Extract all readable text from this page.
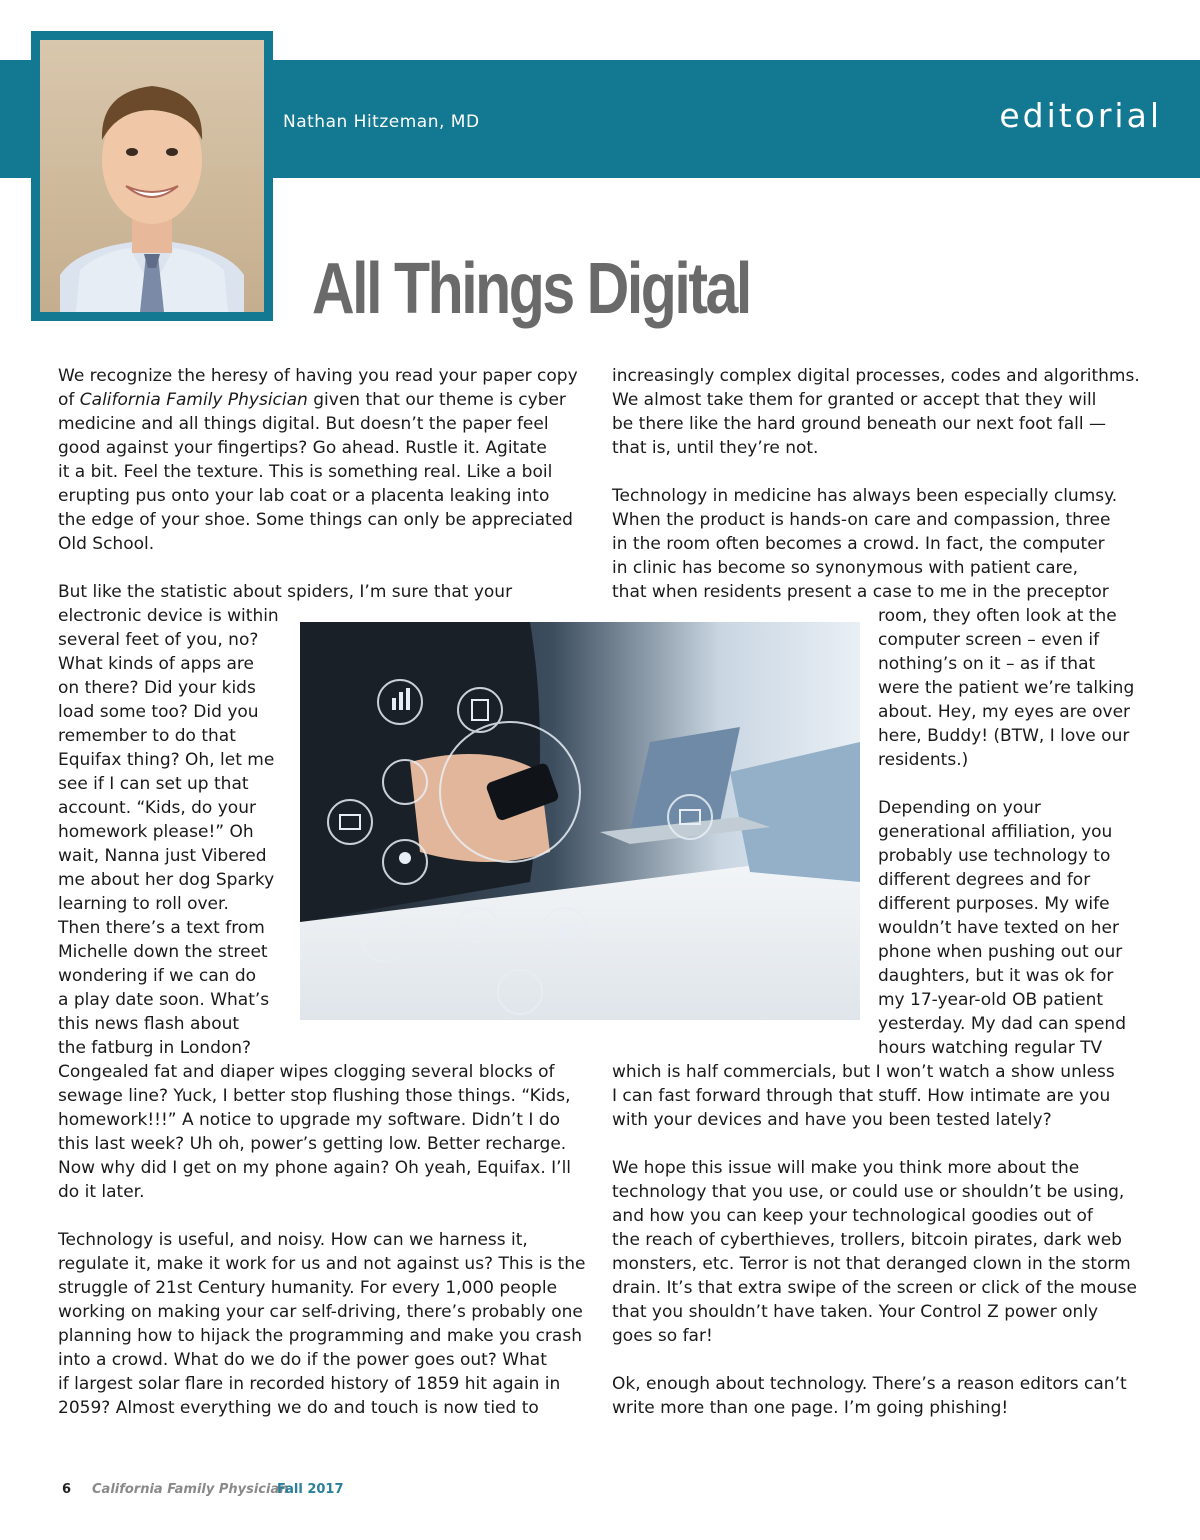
Nathan Hitzeman, MD	editorial
All Things Digital
We recognize the heresy of having you read your paper copy
of California Family Physician given that our theme is cyber
medicine and all things digital. But doesn’t the paper feel
good against your fingertips? Go ahead. Rustle it. Agitate
it a bit. Feel the texture. This is something real. Like a boil
erupting pus onto your lab coat or a placenta leaking into
the edge of your shoe. Some things can only be appreciated
Old School.
But like the statistic about spiders, I’m sure that your
electronic device is within
several feet of you, no?
What kinds of apps are
on there? Did your kids
load some too? Did you
remember to do that
Equifax thing? Oh, let me
see if I can set up that
account. “Kids, do your
homework please!” Oh
wait, Nanna just Vibered
me about her dog Sparky
learning to roll over.
Then there’s a text from
Michelle down the street
wondering if we can do
a play date soon. What’s
this news flash about
the fatburg in London?
Congealed fat and diaper wipes clogging several blocks of
sewage line? Yuck, I better stop flushing those things. “Kids,
homework!!!” A notice to upgrade my software. Didn’t I do
this last week? Uh oh, power’s getting low. Better recharge.
Now why did I get on my phone again? Oh yeah, Equifax. I’ll
do it later.
Technology is useful, and noisy. How can we harness it,
regulate it, make it work for us and not against us? This is the
struggle of 21st Century humanity. For every 1,000 people
working on making your car self-driving, there’s probably one
planning how to hijack the programming and make you crash
into a crowd. What do we do if the power goes out? What
if largest solar flare in recorded history of 1859 hit again in
2059? Almost everything we do and touch is now tied to
increasingly complex digital processes, codes and algorithms.
We almost take them for granted or accept that they will
be there like the hard ground beneath our next foot fall —
that is, until they’re not.
Technology in medicine has always been especially clumsy.
When the product is hands-on care and compassion, three
in the room often becomes a crowd. In fact, the computer
in clinic has become so synonymous with patient care,
that when residents present a case to me in the preceptor
room, they often look at the
computer screen – even if
nothing’s on it – as if that
were the patient we’re talking
about. Hey, my eyes are over
here, Buddy! (BTW, I love our
residents.)
Depending on your
generational affiliation, you
probably use technology to
different degrees and for
different purposes. My wife
wouldn’t have texted on her
phone when pushing out our
daughters, but it was ok for
my 17-year-old OB patient
yesterday. My dad can spend
hours watching regular TV
which is half commercials, but I won’t watch a show unless
I can fast forward through that stuff. How intimate are you
with your devices and have you been tested lately?
We hope this issue will make you think more about the
technology that you use, or could use or shouldn’t be using,
and how you can keep your technological goodies out of
the reach of cyberthieves, trollers, bitcoin pirates, dark web
monsters, etc. Terror is not that deranged clown in the storm
drain. It’s that extra swipe of the screen or click of the mouse
that you shouldn’t have taken. Your Control Z power only
goes so far!
Ok, enough about technology. There’s a reason editors can’t
write more than one page. I’m going phishing!
@
6 California Family Physician
Fall 2017
